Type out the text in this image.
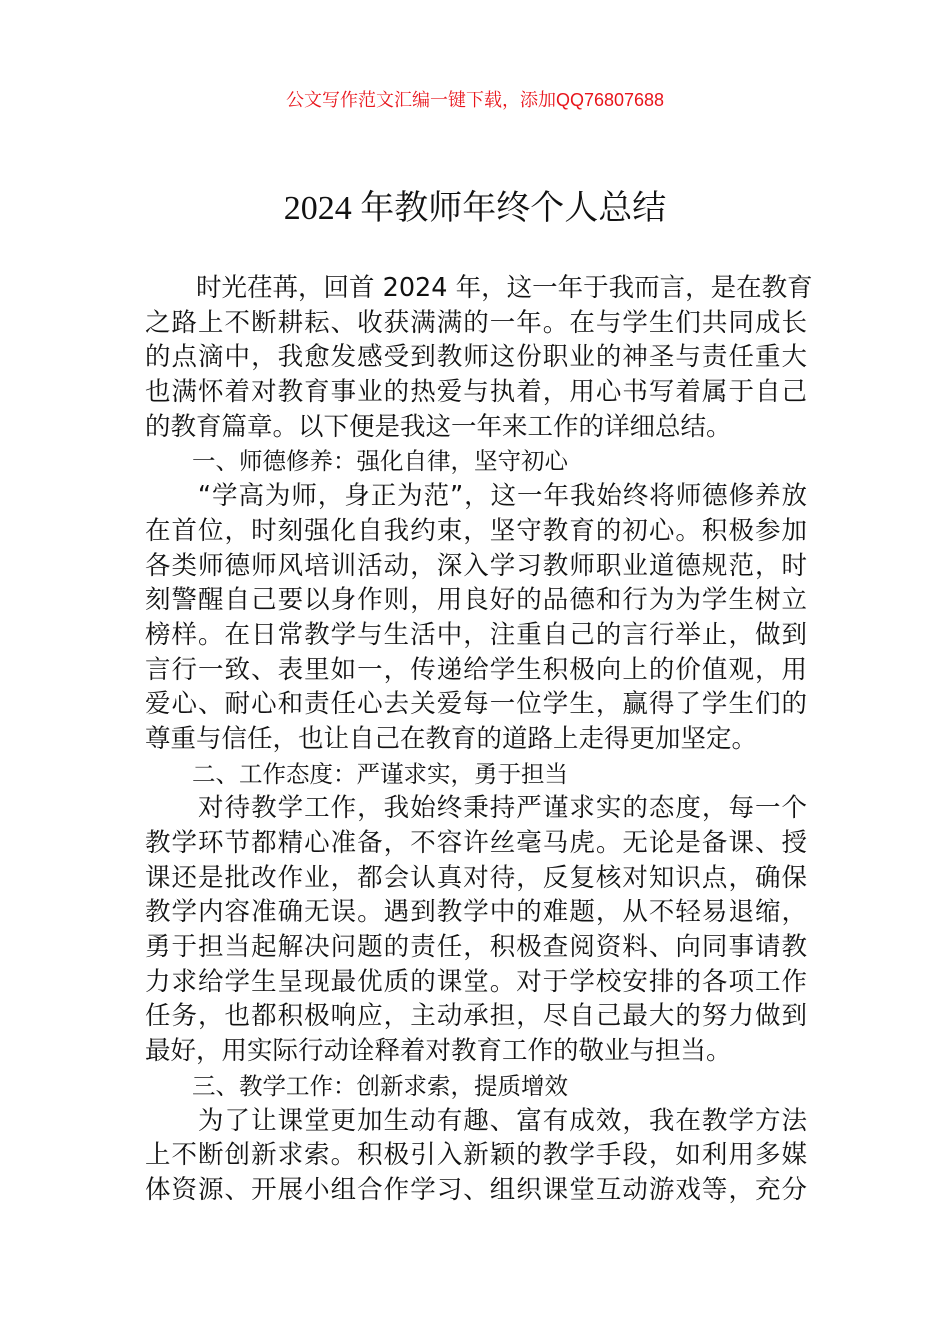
公文写作范文汇编一键下载，添加QQ76807688
2024 年教师年终个人总结
　　时光荏苒，回首 2024 年，这一年于我而言，是在教育
之路上不断耕耘、收获满满的一年。在与学生们共同成长
的点滴中，我愈发感受到教师这份职业的神圣与责任重大
也满怀着对教育事业的热爱与执着，用心书写着属于自己
的教育篇章。以下便是我这一年来工作的详细总结。
　　一、师德修养：强化自律，坚守初心
　　“学高为师，身正为范”，这一年我始终将师德修养放
在首位，时刻强化自我约束，坚守教育的初心。积极参加
各类师德师风培训活动，深入学习教师职业道德规范，时
刻警醒自己要以身作则，用良好的品德和行为为学生树立
榜样。在日常教学与生活中，注重自己的言行举止，做到
言行一致、表里如一，传递给学生积极向上的价值观，用
爱心、耐心和责任心去关爱每一位学生，赢得了学生们的
尊重与信任，也让自己在教育的道路上走得更加坚定。
　　二、工作态度：严谨求实，勇于担当
　　对待教学工作，我始终秉持严谨求实的态度，每一个
教学环节都精心准备，不容许丝毫马虎。无论是备课、授
课还是批改作业，都会认真对待，反复核对知识点，确保
教学内容准确无误。遇到教学中的难题，从不轻易退缩，
勇于担当起解决问题的责任，积极查阅资料、向同事请教
力求给学生呈现最优质的课堂。对于学校安排的各项工作
任务，也都积极响应，主动承担，尽自己最大的努力做到
最好，用实际行动诠释着对教育工作的敬业与担当。
　　三、教学工作：创新求索，提质增效
　　为了让课堂更加生动有趣、富有成效，我在教学方法
上不断创新求索。积极引入新颖的教学手段，如利用多媒
体资源、开展小组合作学习、组织课堂互动游戏等，充分
